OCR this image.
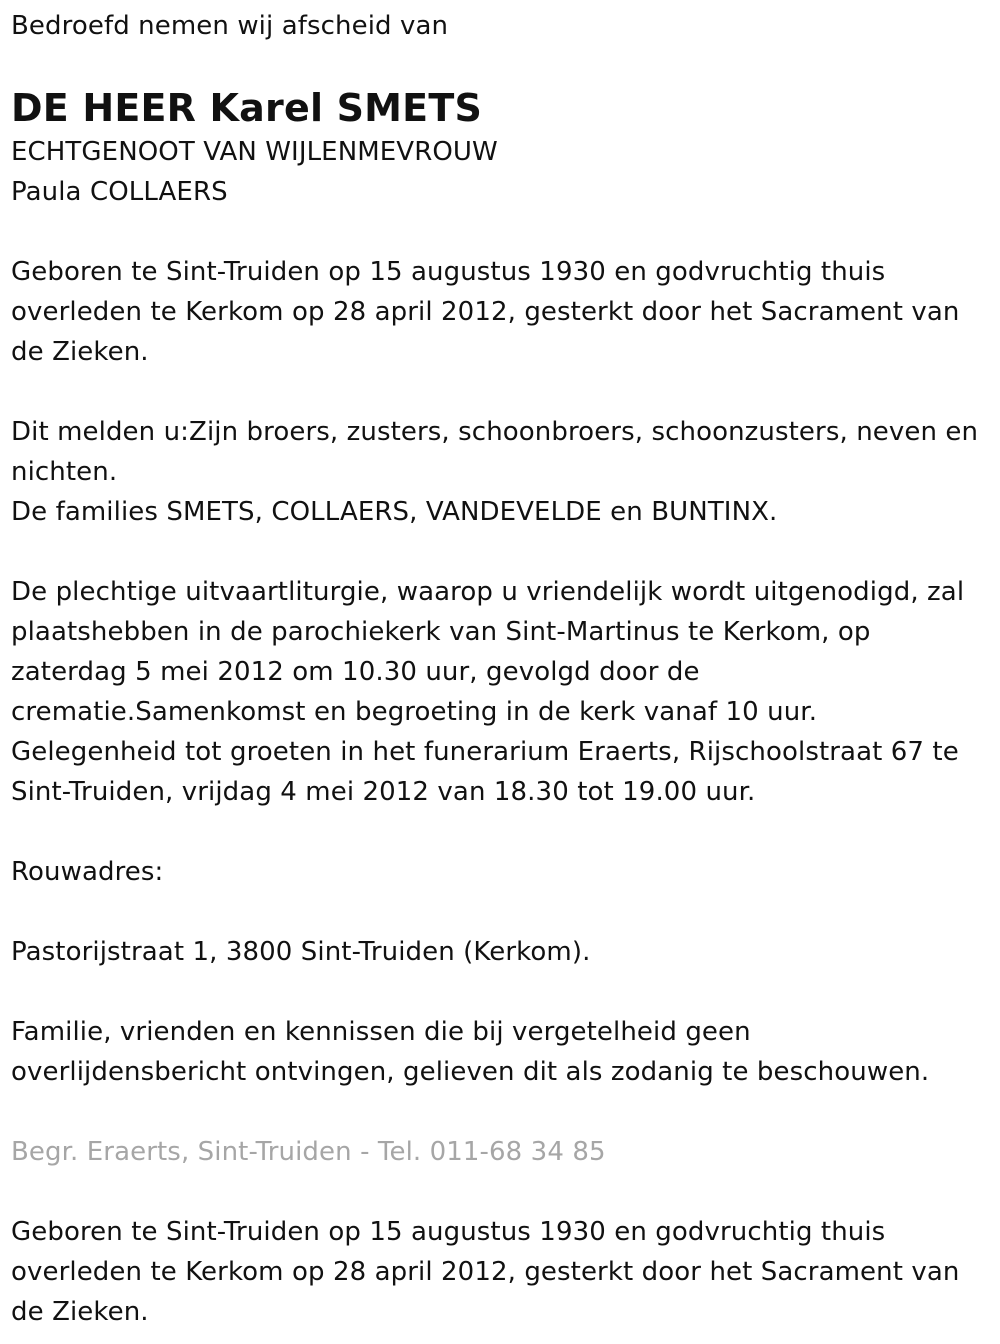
Bedroefd nemen wij afscheid van
DE HEER Karel SMETS
ECHTGENOOT VAN WIJLENMEVROUW
Paula COLLAERS
Geboren te Sint-Truiden op 15 augustus 1930 en godvruchtig thuis
overleden te Kerkom op 28 april 2012, gesterkt door het Sacrament van
de Zieken.
Dit melden u:Zijn broers, zusters, schoonbroers, schoonzusters, neven en
nichten.
De families SMETS, COLLAERS, VANDEVELDE en BUNTINX.
De plechtige uitvaartliturgie, waarop u vriendelijk wordt uitgenodigd, zal
plaatshebben in de parochiekerk van Sint-Martinus te Kerkom, op
zaterdag 5 mei 2012 om 10.30 uur, gevolgd door de
crematie.Samenkomst en begroeting in de kerk vanaf 10 uur.
Gelegenheid tot groeten in het funerarium Eraerts, Rijschoolstraat 67 te
Sint-Truiden, vrijdag 4 mei 2012 van 18.30 tot 19.00 uur.
Rouwadres:
Pastorijstraat 1, 3800 Sint-Truiden (Kerkom).
Familie, vrienden en kennissen die bij vergetelheid geen
overlijdensbericht ontvingen, gelieven dit als zodanig te beschouwen.
Begr. Eraerts, Sint-Truiden - Tel. 011-68 34 85
Geboren te Sint-Truiden op 15 augustus 1930 en godvruchtig thuis
overleden te Kerkom op 28 april 2012, gesterkt door het Sacrament van
de Zieken.
